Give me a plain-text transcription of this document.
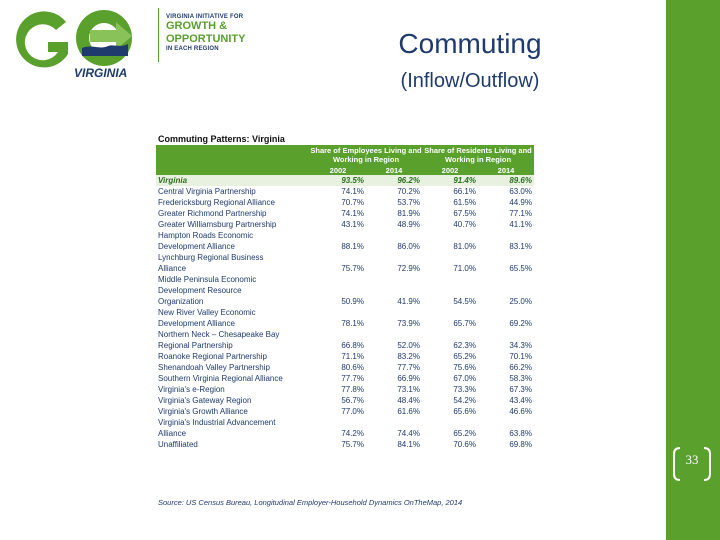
VIRGINIA
VIRGINIA INITIATIVE FOR
GROWTH &
OPPORTUNITY
IN EACH REGION	Commuting
(Inflow/Outflow)
33
Commuting Patterns: Virginia
	Share of Employees Living and Working in Region		Share of Residents Living and Working in Region	
	2002	2014	2002	2014
Virginia	93.5%	96.2%	91.4%	89.6%
Central Virginia Partnership	74.1%	70.2%	66.1%	63.0%
Fredericksburg Regional Alliance	70.7%	53.7%	61.5%	44.9%
Greater Richmond Partnership	74.1%	81.9%	67.5%	77.1%
Greater Williamsburg Partnership	43.1%	48.9%	40.7%	41.1%
Hampton Roads Economic				
Development Alliance	88.1%	86.0%	81.0%	83.1%
Lynchburg Regional Business				
Alliance	75.7%	72.9%	71.0%	65.5%
Middle Peninsula Economic				
Development Resource				
Organization	50.9%	41.9%	54.5%	25.0%
New River Valley Economic				
Development Alliance	78.1%	73.9%	65.7%	69.2%
Northern Neck – Chesapeake Bay				
Regional Partnership	66.8%	52.0%	62.3%	34.3%
Roanoke Regional Partnership	71.1%	83.2%	65.2%	70.1%
Shenandoah Valley Partnership	80.6%	77.7%	75.6%	66.2%
Southern Virginia Regional Alliance	77.7%	66.9%	67.0%	58.3%
Virginia's e-Region	77.8%	73.1%	73.3%	67.3%
Virginia's Gateway Region	56.7%	48.4%	54.2%	43.4%
Virginia's Growth Alliance	77.0%	61.6%	65.6%	46.6%
Virginia's Industrial Advancement				
Alliance	74.2%	74.4%	65.2%	63.8%
Unaffiliated	75.7%	84.1%	70.6%	69.8%
Source: US Census Bureau, Longitudinal Employer-Household Dynamics OnTheMap, 2014
